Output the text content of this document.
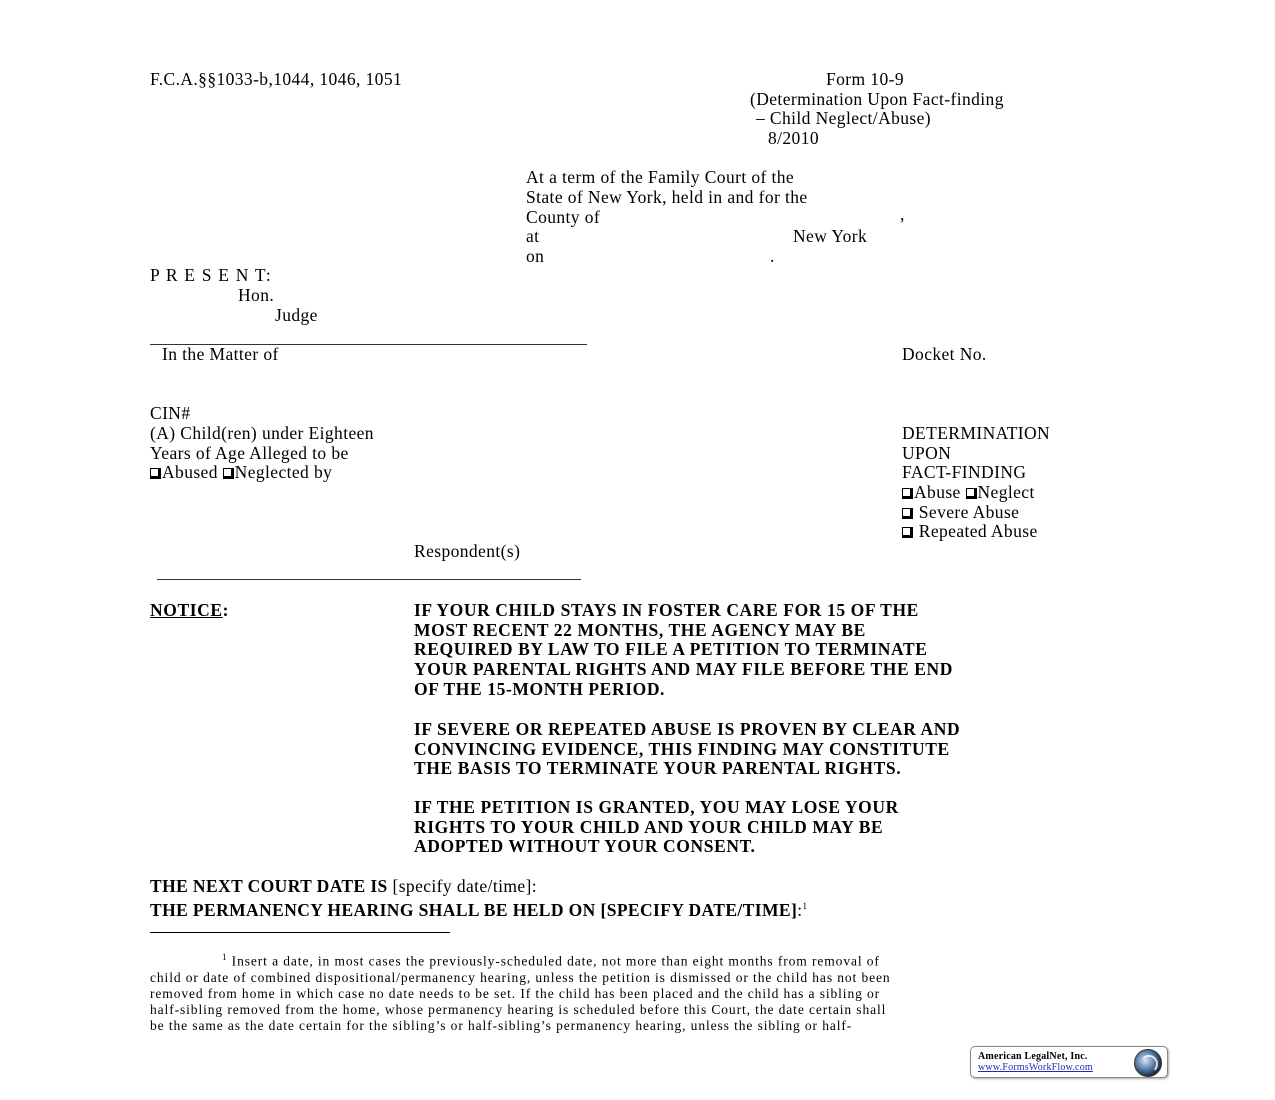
F.C.A.§§1033-b,1044, 1046, 1051	Form 10-9
(Determination Upon Fact-finding
– Child Neglect/Abuse)
8/2010
At a term of the Family Court of the
State of New York, held in and for the
County of	,
at	New York
on	.
P R E S E N T:
Hon.
Judge
In the Matter of	Docket No.
CIN#
(A) Child(ren) under Eighteen
Years of Age Alleged to be
Abused Neglected by
DETERMINATION
UPON
FACT-FINDING
Abuse Neglect
Severe Abuse
Repeated Abuse
Respondent(s)
NOTICE:	IF YOUR CHILD STAYS IN FOSTER CARE FOR 15 OF THE
MOST RECENT 22 MONTHS, THE AGENCY MAY BE
REQUIRED BY LAW TO FILE A PETITION TO TERMINATE
YOUR PARENTAL RIGHTS AND MAY FILE BEFORE THE END
OF THE 15-MONTH PERIOD.
IF SEVERE OR REPEATED ABUSE IS PROVEN BY CLEAR AND
CONVINCING EVIDENCE, THIS FINDING MAY CONSTITUTE
THE BASIS TO TERMINATE YOUR PARENTAL RIGHTS.
IF THE PETITION IS GRANTED, YOU MAY LOSE YOUR
RIGHTS TO YOUR CHILD AND YOUR CHILD MAY BE
ADOPTED WITHOUT YOUR CONSENT.
THE NEXT COURT DATE IS [specify date/time]:
THE PERMANENCY HEARING SHALL BE HELD ON [SPECIFY DATE/TIME]:$^1$
$^1$ Insert a date, in most cases the previously-scheduled date, not more than eight months from removal of
child or date of combined dispositional/permanency hearing, unless the petition is dismissed or the child has not been
removed from home in which case no date needs to be set. If the child has been placed and the child has a sibling or
half-sibling removed from the home, whose permanency hearing is scheduled before this Court, the date certain shall
be the same as the date certain for the sibling’s or half-sibling’s permanency hearing, unless the sibling or half-
American LegalNet, Inc.
www.FormsWorkFlow.com
